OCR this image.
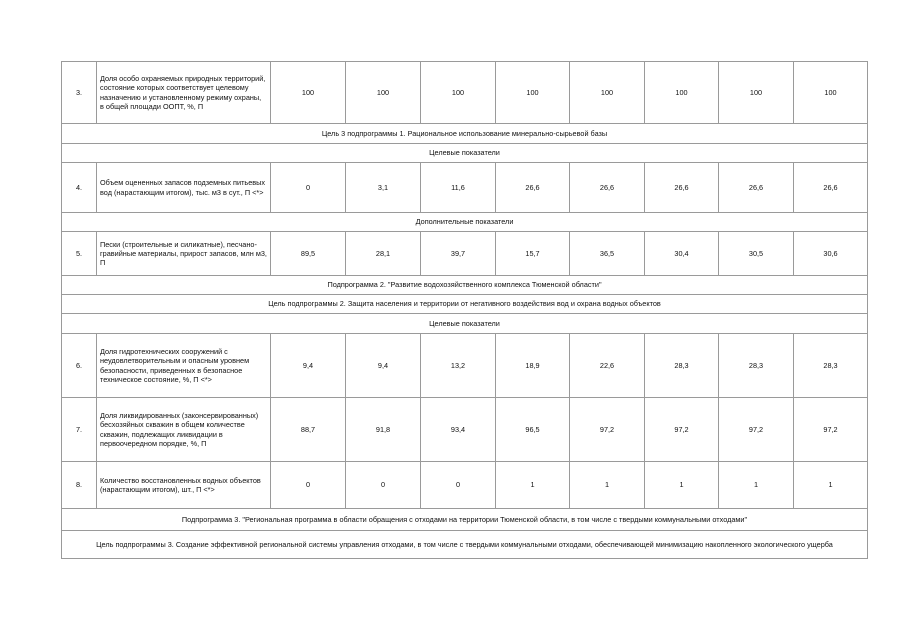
3.	Доля особо охраняемых природных территорий, состояние которых соответствует целевому назначению и установленному режиму охраны, в общей площади ООПТ, %, П	100	100	100	100	100	100	100	100
Цель 3 подпрограммы 1. Рациональное использование минерально-сырьевой базы									
Целевые показатели									
4.	Объем оцененных запасов подземных питьевых вод (нарастающим итогом), тыс. м3 в сут., П <*>	0	3,1	11,6	26,6	26,6	26,6	26,6	26,6
Дополнительные показатели									
5.	Пески (строительные и силикатные), песчано-гравийные материалы, прирост запасов, млн м3, П	89,5	28,1	39,7	15,7	36,5	30,4	30,5	30,6
Подпрограмма 2. "Развитие водохозяйственного комплекса Тюменской области"									
Цель подпрограммы 2. Защита населения и территории от негативного воздействия вод и охрана водных объектов									
Целевые показатели									
6.	Доля гидротехнических сооружений с неудовлетворительным и опасным уровнем безопасности, приведенных в безопасное техническое состояние, %, П <*>	9,4	9,4	13,2	18,9	22,6	28,3	28,3	28,3
7.	Доля ликвидированных (законсервированных) бесхозяйных скважин в общем количестве скважин, подлежащих ликвидации в первоочередном порядке, %, П	88,7	91,8	93,4	96,5	97,2	97,2	97,2	97,2
8.	Количество восстановленных водных объектов (нарастающим итогом), шт., П <*>	0	0	0	1	1	1	1	1
Подпрограмма 3. "Региональная программа в области обращения с отходами на территории Тюменской области, в том числе с твердыми коммунальными отходами"									
Цель подпрограммы 3. Создание эффективной региональной системы управления отходами, в том числе с твердыми коммунальными отходами, обеспечивающей минимизацию накопленного экологического ущерба									
